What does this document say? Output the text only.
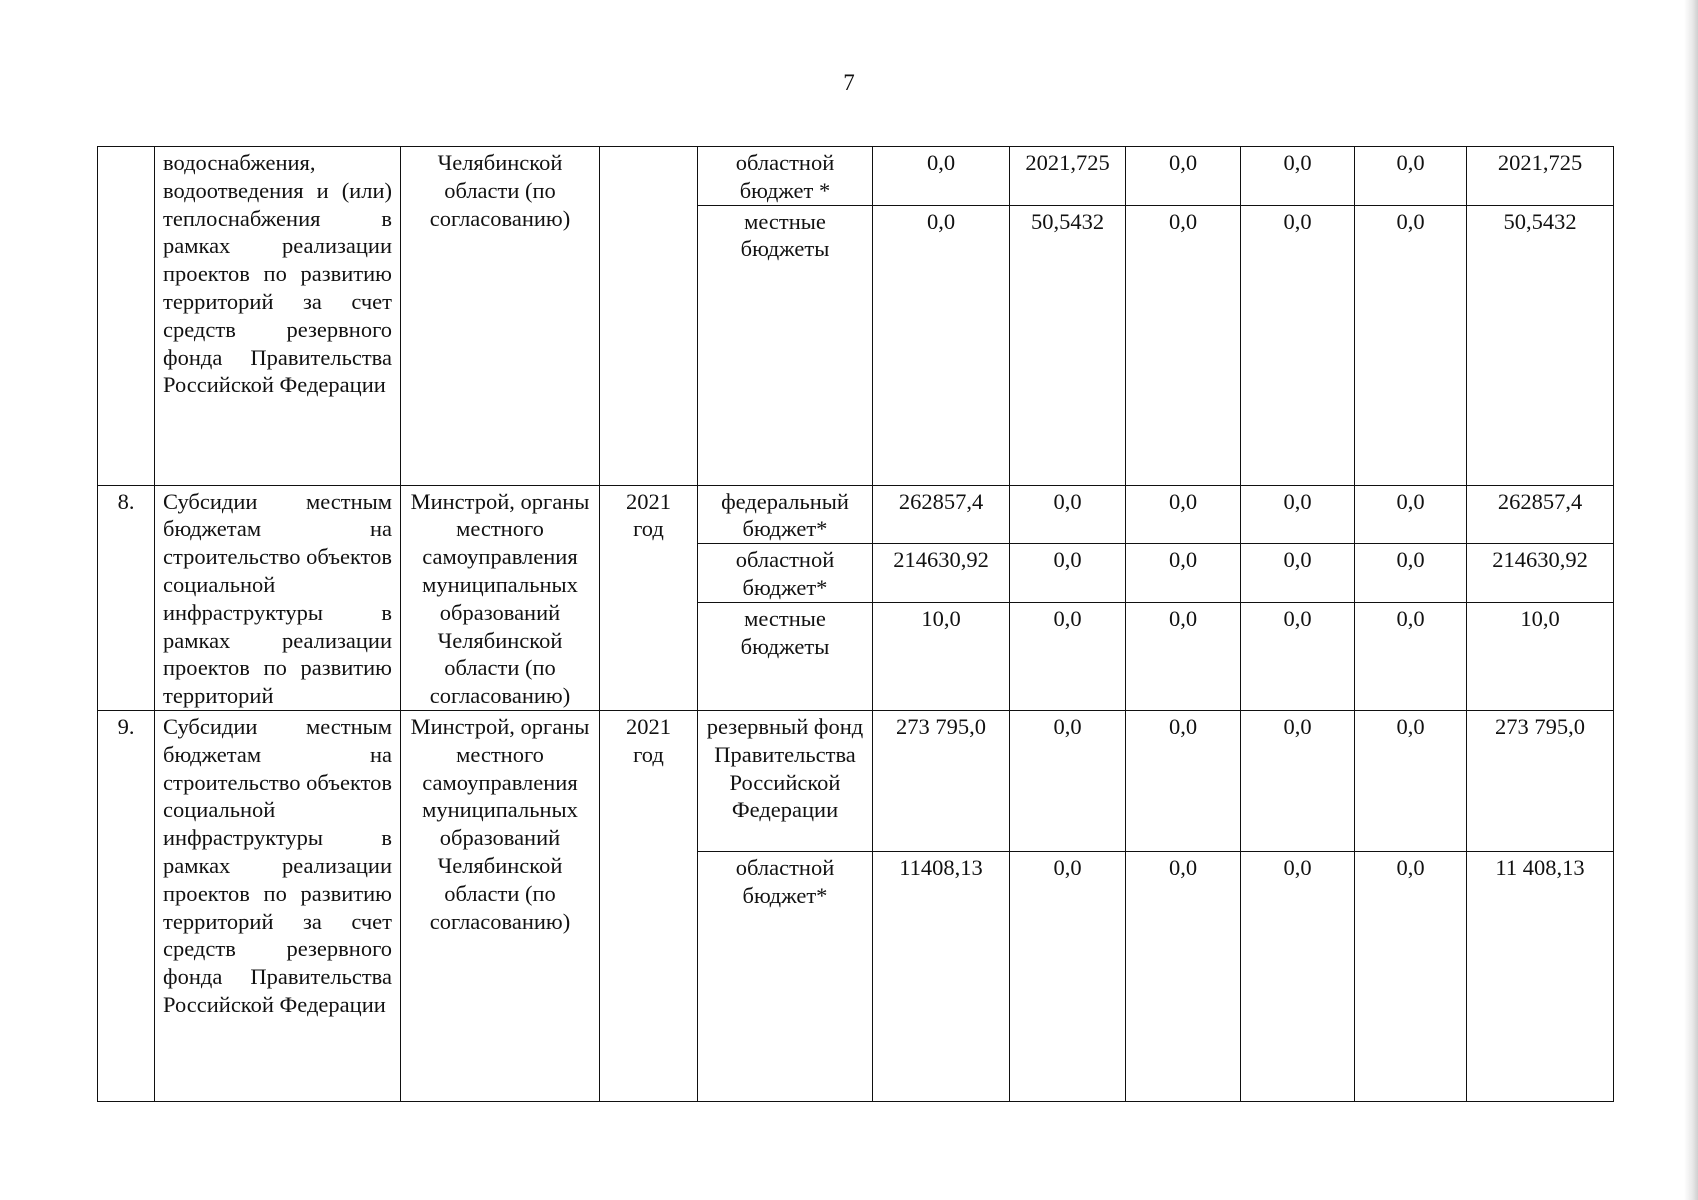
7
	водоснабжения, водоотведения и (или) теплоснабжения в рамках реализации проектов по развитию территорий за счет средств резервного фонда Правительства Российской Федерации	Челябинской области (по согласованию)		областной бюджет *	0,0	2021,725	0,0	0,0	0,0	2021,725
				местные бюджеты	0,0	50,5432	0,0	0,0	0,0	50,5432
8.	Субсидии местным бюджетам на строительство объектов социальной инфраструктуры в рамках реализации проектов по развитию территорий	Минстрой, органы местного самоуправления муниципальных образований Челябинской области (по согласованию)	2021 год	федеральный бюджет*	262857,4	0,0	0,0	0,0	0,0	262857,4
				областной бюджет*	214630,92	0,0	0,0	0,0	0,0	214630,92
				местные бюджеты	10,0	0,0	0,0	0,0	0,0	10,0
9.	Субсидии местным бюджетам на строительство объектов социальной инфраструктуры в рамках реализации проектов по развитию территорий за счет средств резервного фонда Правительства Российской Федерации	Минстрой, органы местного самоуправления муниципальных образований Челябинской области (по согласованию)	2021 год	резервный фонд Правительства Российской Федерации	273 795,0	0,0	0,0	0,0	0,0	273 795,0
				областной бюджет*	11408,13	0,0	0,0	0,0	0,0	11 408,13
